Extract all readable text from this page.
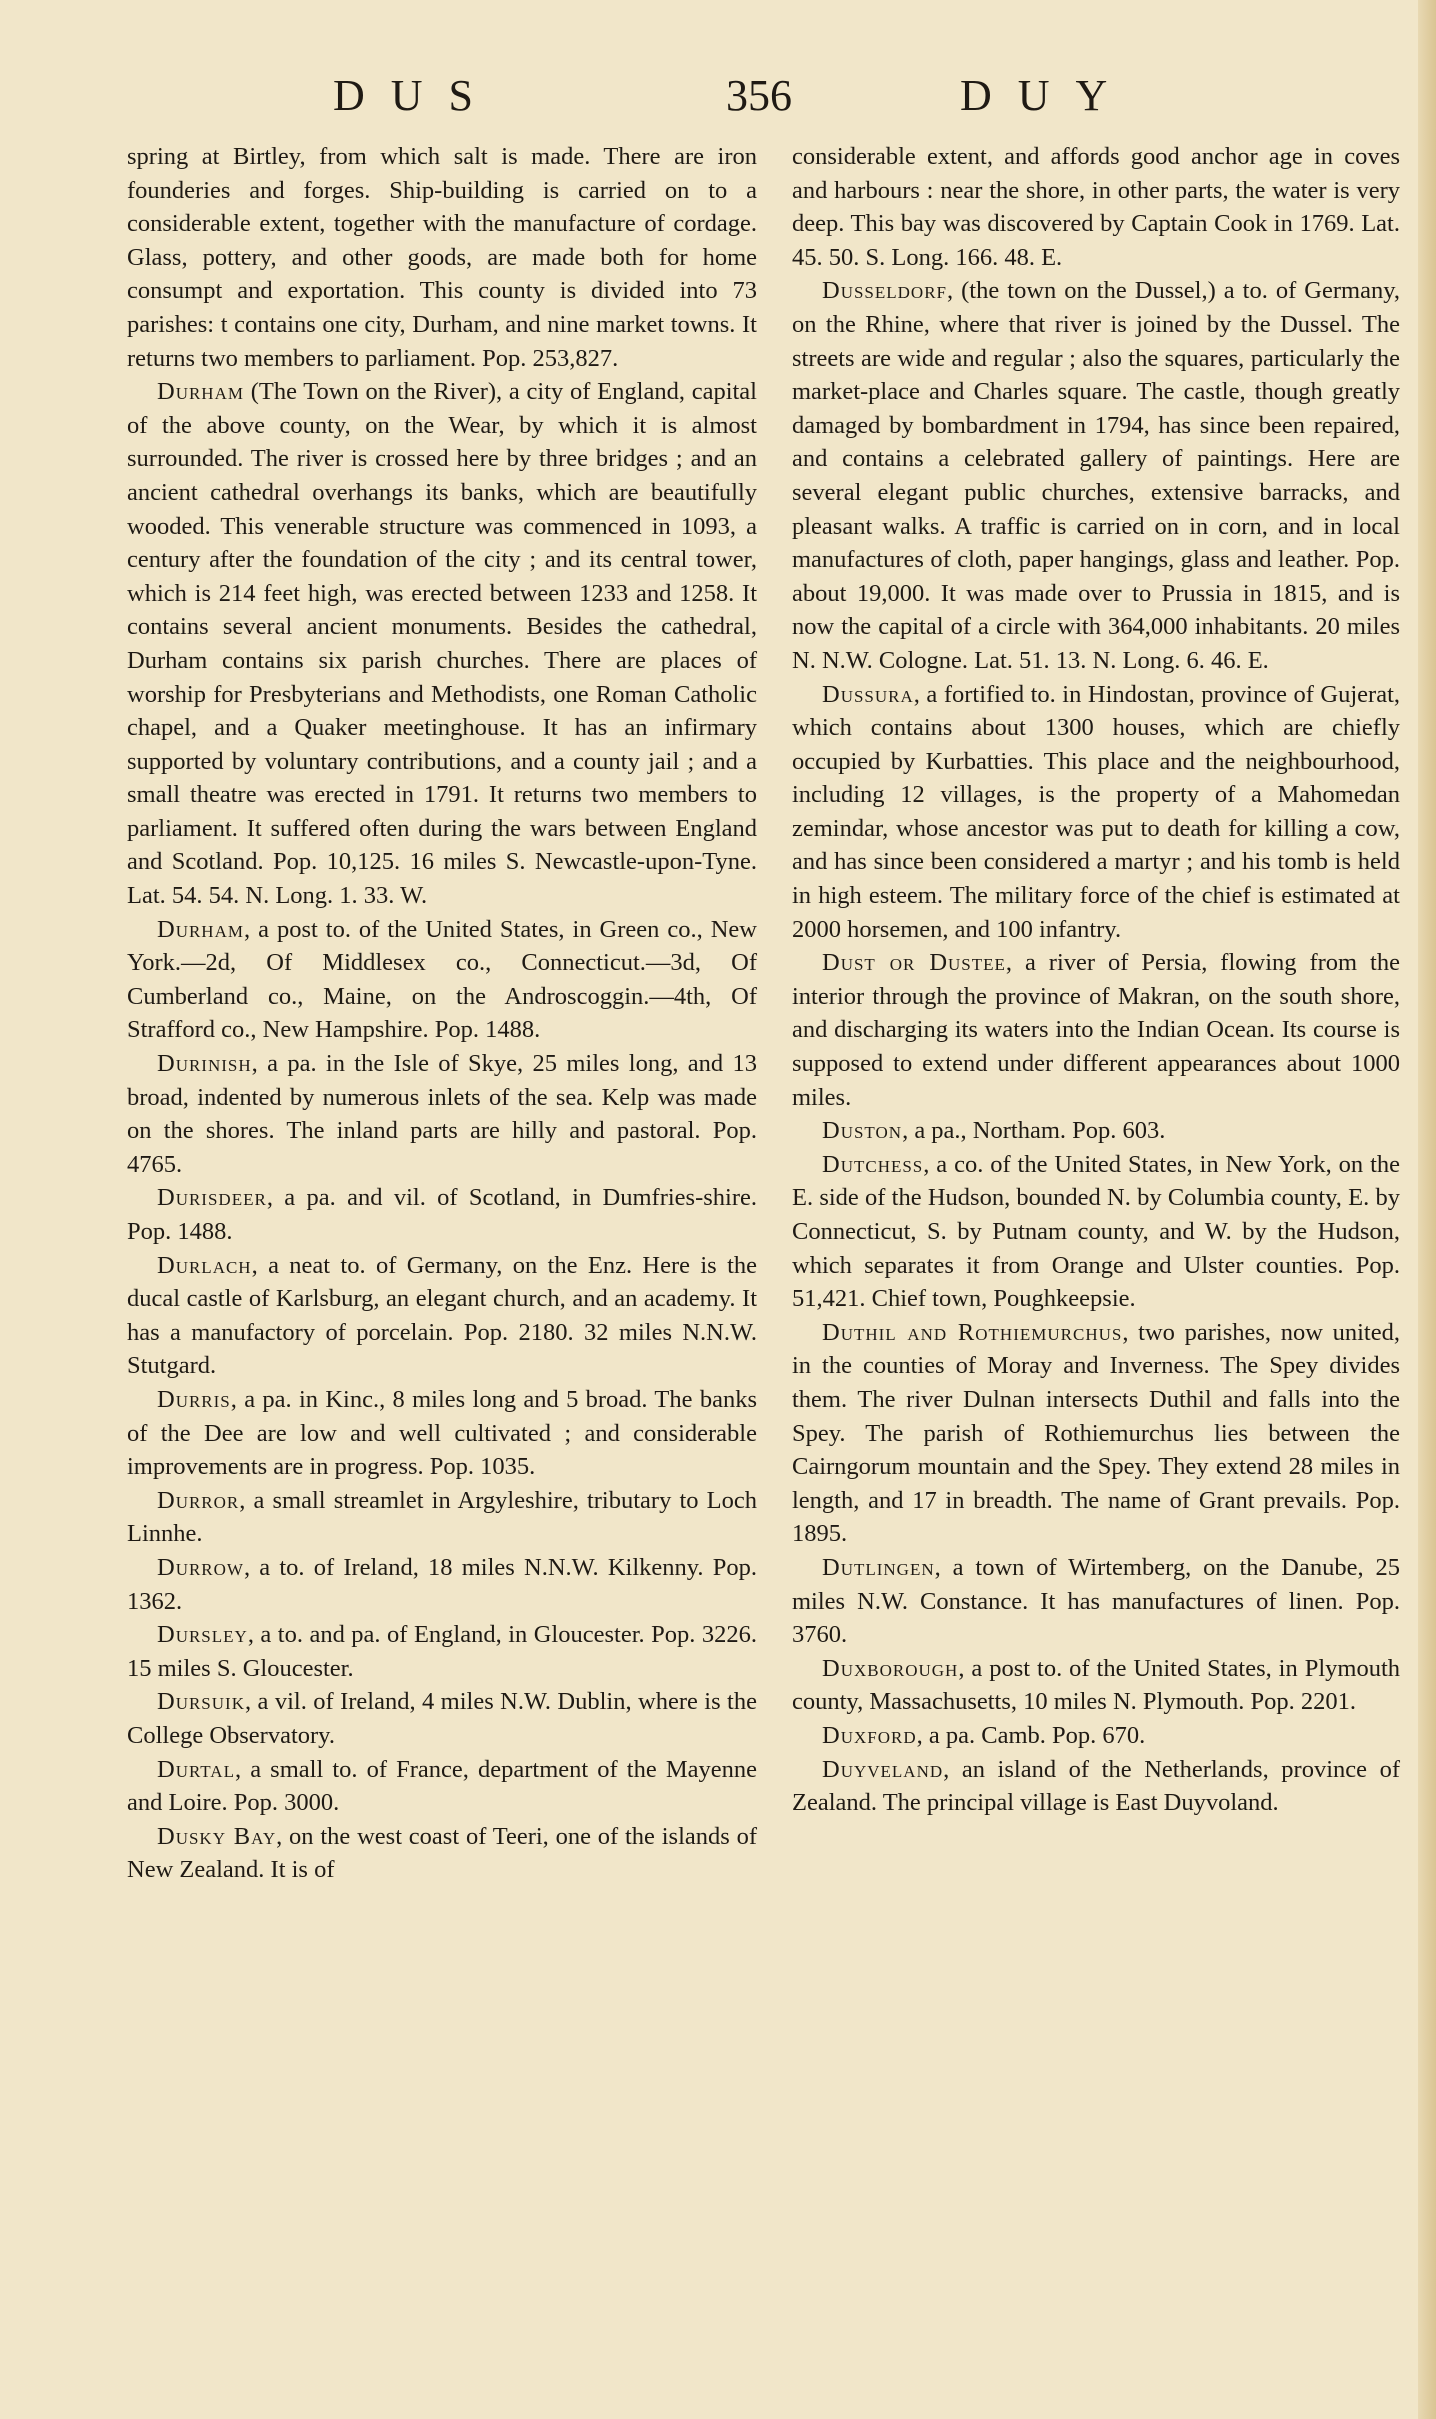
DUS	356	DUY

spring at Birtley, from which salt is made. There are iron founderies and forges. Ship-building is carried on to a considerable extent, together with the manufacture of cordage. Glass, pottery, and other goods, are made both for home consumpt and exportation. This county is divided into 73 parishes: t contains one city, Durham, and nine market towns. It returns two members to parliament. Pop. 253,827.

Durham (The Town on the River), a city of England, capital of the above county, on the Wear, by which it is almost surrounded. The river is crossed here by three bridges ; and an ancient cathedral overhangs its banks, which are beautifully wooded. This venerable structure was commenced in 1093, a century after the foundation of the city ; and its central tower, which is 214 feet high, was erected between 1233 and 1258. It contains several ancient monuments. Besides the cathedral, Durham contains six parish churches. There are places of worship for Presbyterians and Methodists, one Roman Catholic chapel, and a Quaker meetinghouse. It has an infirmary supported by voluntary contributions, and a county jail ; and a small theatre was erected in 1791. It returns two members to parliament. It suffered often during the wars between England and Scotland. Pop. 10,125. 16 miles S. Newcastle-upon-Tyne. Lat. 54. 54. N. Long. 1. 33. W.

Durham, a post to. of the United States, in Green co., New York.—2d, Of Middlesex co., Connecticut.—3d, Of Cumberland co., Maine, on the Androscoggin.—4th, Of Strafford co., New Hampshire. Pop. 1488.

Durinish, a pa. in the Isle of Skye, 25 miles long, and 13 broad, indented by numerous inlets of the sea. Kelp was made on the shores. The inland parts are hilly and pastoral. Pop. 4765.

Durisdeer, a pa. and vil. of Scotland, in Dumfries-shire. Pop. 1488.

Durlach, a neat to. of Germany, on the Enz. Here is the ducal castle of Karlsburg, an elegant church, and an academy. It has a manufactory of porcelain. Pop. 2180. 32 miles N.N.W. Stutgard.

Durris, a pa. in Kinc., 8 miles long and 5 broad. The banks of the Dee are low and well cultivated ; and considerable improvements are in progress. Pop. 1035.

Durror, a small streamlet in Argyleshire, tributary to Loch Linnhe.

Durrow, a to. of Ireland, 18 miles N.N.W. Kilkenny. Pop. 1362.

Dursley, a to. and pa. of England, in Gloucester. Pop. 3226. 15 miles S. Gloucester.

Dursuik, a vil. of Ireland, 4 miles N.W. Dublin, where is the College Observatory.

Durtal, a small to. of France, department of the Mayenne and Loire. Pop. 3000.

Dusky Bay, on the west coast of Teeri, one of the islands of New Zealand. It is of

considerable extent, and affords good anchor age in coves and harbours : near the shore, in other parts, the water is very deep. This bay was discovered by Captain Cook in 1769. Lat. 45. 50. S. Long. 166. 48. E.

Dusseldorf, (the town on the Dussel,) a to. of Germany, on the Rhine, where that river is joined by the Dussel. The streets are wide and regular ; also the squares, particularly the market-place and Charles square. The castle, though greatly damaged by bombardment in 1794, has since been repaired, and contains a celebrated gallery of paintings. Here are several elegant public churches, extensive barracks, and pleasant walks. A traffic is carried on in corn, and in local manufactures of cloth, paper hangings, glass and leather. Pop. about 19,000. It was made over to Prussia in 1815, and is now the capital of a circle with 364,000 inhabitants. 20 miles N. N.W. Cologne. Lat. 51. 13. N. Long. 6. 46. E.

Dussura, a fortified to. in Hindostan, province of Gujerat, which contains about 1300 houses, which are chiefly occupied by Kurbatties. This place and the neighbourhood, including 12 villages, is the property of a Mahomedan zemindar, whose ancestor was put to death for killing a cow, and has since been considered a martyr ; and his tomb is held in high esteem. The military force of the chief is estimated at 2000 horsemen, and 100 infantry.

Dust or Dustee, a river of Persia, flowing from the interior through the province of Makran, on the south shore, and discharging its waters into the Indian Ocean. Its course is supposed to extend under different appearances about 1000 miles.

Duston, a pa., Northam. Pop. 603.

Dutchess, a co. of the United States, in New York, on the E. side of the Hudson, bounded N. by Columbia county, E. by Connecticut, S. by Putnam county, and W. by the Hudson, which separates it from Orange and Ulster counties. Pop. 51,421. Chief town, Poughkeepsie.

Duthil and Rothiemurchus, two parishes, now united, in the counties of Moray and Inverness. The Spey divides them. The river Dulnan intersects Duthil and falls into the Spey. The parish of Rothiemurchus lies between the Cairngorum mountain and the Spey. They extend 28 miles in length, and 17 in breadth. The name of Grant prevails. Pop. 1895.

Dutlingen, a town of Wirtemberg, on the Danube, 25 miles N.W. Constance. It has manufactures of linen. Pop. 3760.

Duxborough, a post to. of the United States, in Plymouth county, Massachusetts, 10 miles N. Plymouth. Pop. 2201.

Duxford, a pa. Camb. Pop. 670.

Duyveland, an island of the Netherlands, province of Zealand. The principal village is East Duyvoland.
